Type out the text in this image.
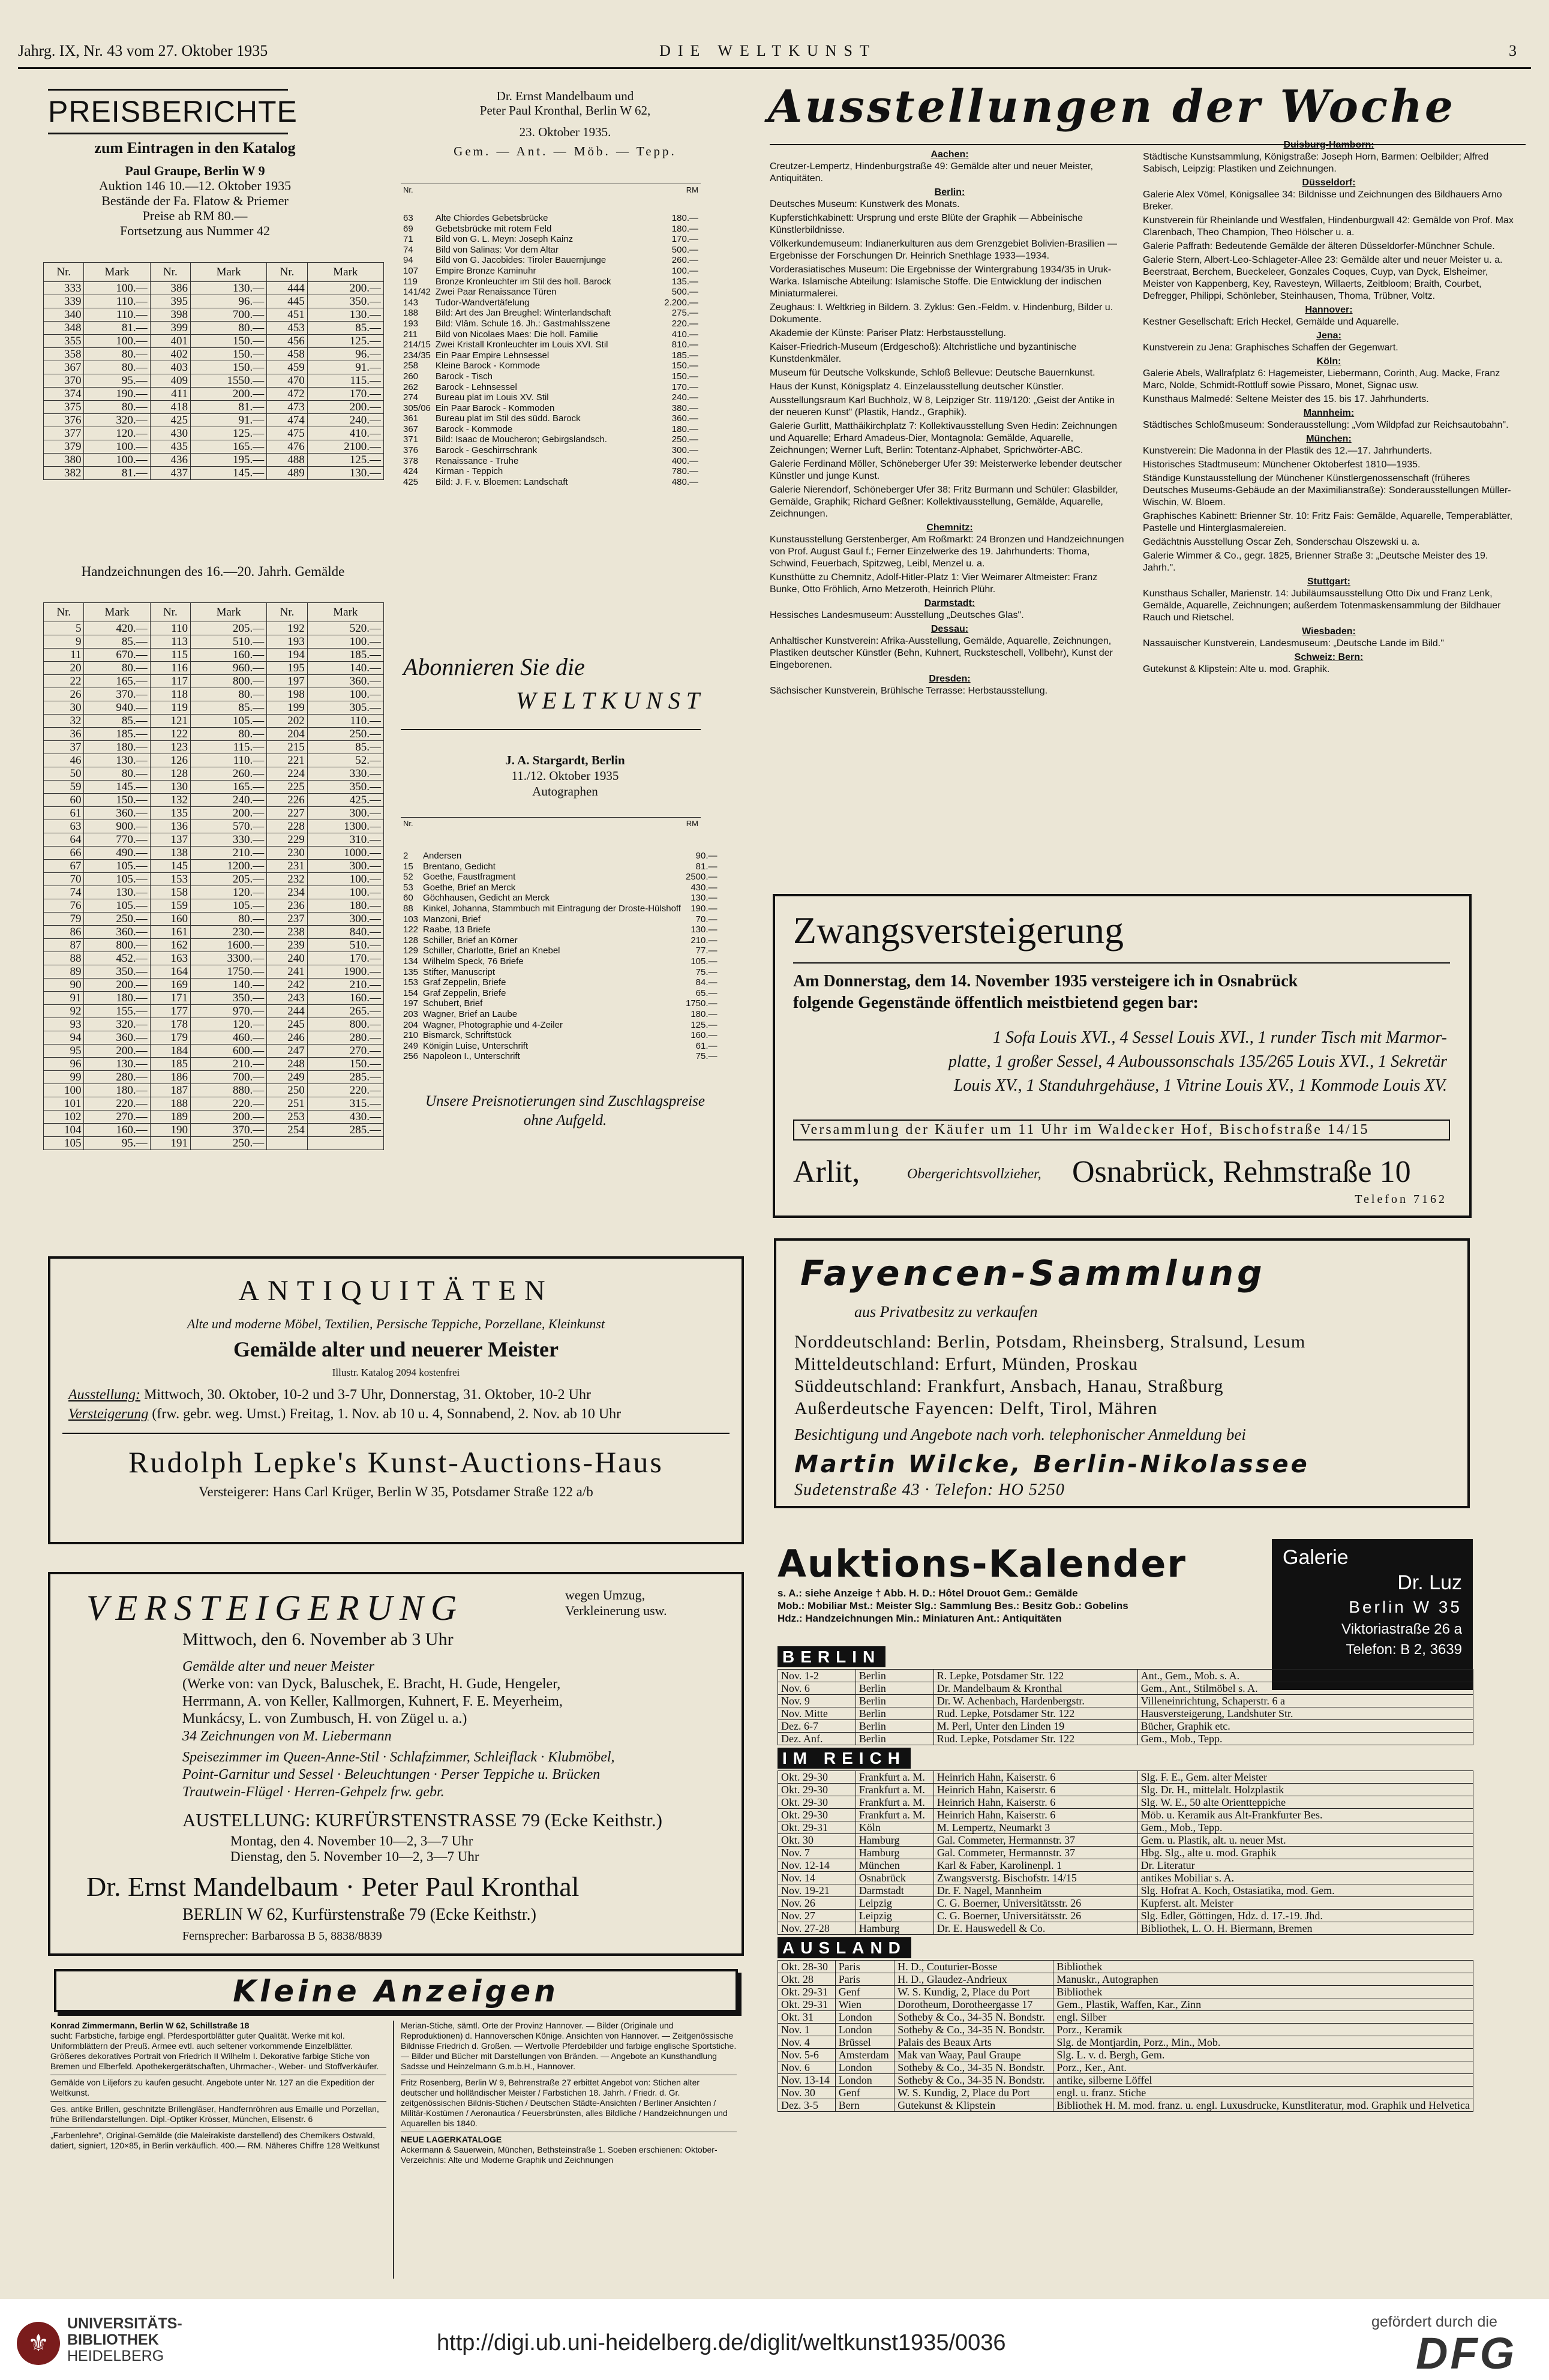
Jahrg. IX, Nr. 43 vom 27. Oktober 1935	DIE WELTKUNST	3
PREISBERICHTE
zum Eintragen in den Katalog
Paul Graupe, Berlin W 9
Auktion 146 10.—12. Oktober 1935
Bestände der Fa. Flatow & Priemer
Preise ab RM 80.—
Fortsetzung aus Nummer 42
Nr.	Mark	Nr.	Mark	Nr.	Mark
333	100.—	386	130.—	444	200.—
339	110.—	395	96.—	445	350.—
340	110.—	398	700.—	451	130.—
348	81.—	399	80.—	453	85.—
355	100.—	401	150.—	456	125.—
358	80.—	402	150.—	458	96.—
367	80.—	403	150.—	459	91.—
370	95.—	409	1550.—	470	115.—
374	190.—	411	200.—	472	170.—
375	80.—	418	81.—	473	200.—
376	320.—	425	91.—	474	240.—
377	120.—	430	125.—	475	410.—
379	100.—	435	165.—	476	2100.—
380	100.—	436	195.—	488	125.—
382	81.—	437	145.—	489	130.—
Handzeichnungen des 16.—20. Jahrh. Gemälde
Nr.	Mark	Nr.	Mark	Nr.	Mark
5	420.—	110	205.—	192	520.—
9	85.—	113	510.—	193	100.—
11	670.—	115	160.—	194	185.—
20	80.—	116	960.—	195	140.—
22	165.—	117	800.—	197	360.—
26	370.—	118	80.—	198	100.—
30	940.—	119	85.—	199	305.—
32	85.—	121	105.—	202	110.—
36	185.—	122	80.—	204	250.—
37	180.—	123	115.—	215	85.—
46	130.—	126	110.—	221	52.—
50	80.—	128	260.—	224	330.—
59	145.—	130	165.—	225	350.—
60	150.—	132	240.—	226	425.—
61	360.—	135	200.—	227	300.—
63	900.—	136	570.—	228	1300.—
64	770.—	137	330.—	229	310.—
66	490.—	138	210.—	230	1000.—
67	105.—	145	1200.—	231	300.—
70	105.—	153	205.—	232	100.—
74	130.—	158	120.—	234	100.—
76	105.—	159	105.—	236	180.—
79	250.—	160	80.—	237	300.—
86	360.—	161	230.—	238	840.—
87	800.—	162	1600.—	239	510.—
88	452.—	163	3300.—	240	170.—
89	350.—	164	1750.—	241	1900.—
90	200.—	169	140.—	242	210.—
91	180.—	171	350.—	243	160.—
92	155.—	177	970.—	244	265.—
93	320.—	178	120.—	245	800.—
94	360.—	179	460.—	246	280.—
95	200.—	184	600.—	247	270.—
96	130.—	185	210.—	248	150.—
99	280.—	186	700.—	249	285.—
100	180.—	187	880.—	250	220.—
101	220.—	188	220.—	251	315.—
102	270.—	189	200.—	253	430.—
104	160.—	190	370.—	254	285.—
105	95.—	191	250.—		
Dr. Ernst Mandelbaum und
Peter Paul Kronthal, Berlin W 62,
23. Oktober 1935.
Gem. — Ant. — Möb. — Tepp.
Nr.	RM
63	Alte Chiordes Gebetsbrücke	180.—
69	Gebetsbrücke mit rotem Feld	180.—
71	Bild von G. L. Meyn: Joseph Kainz	170.—
74	Bild von Salinas: Vor dem Altar	500.—
94	Bild von G. Jacobides: Tiroler Bauernjunge	260.—
107	Empire Bronze Kaminuhr	100.—
119	Bronze Kronleuchter im Stil des holl. Barock	135.—
141/42	Zwei Paar Renaissance Türen	500.—
143	Tudor-Wandvertäfelung	2.200.—
188	Bild: Art des Jan Breughel: Winterlandschaft	275.—
193	Bild: Vlām. Schule 16. Jh.: Gastmahlsszene	220.—
211	Bild von Nicolaes Maes: Die holl. Familie	410.—
214/15	Zwei Kristall Kronleuchter im Louis XVI. Stil	810.—
234/35	Ein Paar Empire Lehnsessel	185.—
258	Kleine Barock - Kommode	150.—
260	Barock - Tisch	150.—
262	Barock - Lehnsessel	170.—
274	Bureau plat im Louis XV. Stil	240.—
305/06	Ein Paar Barock - Kommoden	380.—
361	Bureau plat im Stil des südd. Barock	360.—
367	Barock - Kommode	180.—
371	Bild: Isaac de Moucheron; Gebirgslandsch.	250.—
376	Barock - Geschirrschrank	300.—
378	Renaissance - Truhe	400.—
424	Kirman - Teppich	780.—
425	Bild: J. F. v. Bloemen: Landschaft	480.—
Abonnieren Sie die
WELTKUNST
J. A. Stargardt, Berlin
11./12. Oktober 1935
Autographen
Nr.	RM
2	Andersen	90.—
15	Brentano, Gedicht	81.—
52	Goethe, Faustfragment	2500.—
53	Goethe, Brief an Merck	430.—
60	Göchhausen, Gedicht an Merck	130.—
88	Kinkel, Johanna, Stammbuch mit Eintragung der Droste-Hülshoff	190.—
103	Manzoni, Brief	70.—
122	Raabe, 13 Briefe	130.—
128	Schiller, Brief an Körner	210.—
129	Schiller, Charlotte, Brief an Knebel	77.—
134	Wilhelm Speck, 76 Briefe	105.—
135	Stifter, Manuscript	75.—
153	Graf Zeppelin, Briefe	84.—
154	Graf Zeppelin, Briefe	65.—
197	Schubert, Brief	1750.—
203	Wagner, Brief an Laube	180.—
204	Wagner, Photographie und 4-Zeiler	125.—
210	Bismarck, Schriftstück	160.—
249	Königin Luise, Unterschrift	61.—
256	Napoleon I., Unterschrift	75.—
Unsere Preisnotierungen sind Zuschlagspreise
ohne Aufgeld.
Ausstellungen der Woche
Aachen:

Creutzer-Lempertz, Hindenburgstraße 49: Gemälde alter und neuer Meister, Antiquitäten.

Berlin:

Deutsches Museum: Kunstwerk des Monats.

Kupferstichkabinett: Ursprung und erste Blüte der Graphik — Abbeinische Künstlerbildnisse.

Völkerkundemuseum: Indianerkulturen aus dem Grenzgebiet Bolivien-Brasilien — Ergebnisse der Forschungen Dr. Heinrich Snethlage 1933—1934.

Vorderasiatisches Museum: Die Ergebnisse der Wintergrabung 1934/35 in Uruk-Warka. Islamische Abteilung: Islamische Stoffe. Die Entwicklung der indischen Miniaturmalerei.

Zeughaus: I. Weltkrieg in Bildern. 3. Zyklus: Gen.-Feldm. v. Hindenburg, Bilder u. Dokumente.

Akademie der Künste: Pariser Platz: Herbstausstellung.

Kaiser-Friedrich-Museum (Erdgeschoß): Altchristliche und byzantinische Kunstdenkmäler.

Museum für Deutsche Volkskunde, Schloß Bellevue: Deutsche Bauernkunst.

Haus der Kunst, Königsplatz 4. Einzelausstellung deutscher Künstler.

Ausstellungsraum Karl Buchholz, W 8, Leipziger Str. 119/120: „Geist der Antike in der neueren Kunst" (Plastik, Handz., Graphik).

Galerie Gurlitt, Matthäikirchplatz 7: Kollektivausstellung Sven Hedin: Zeichnungen und Aquarelle; Erhard Amadeus-Dier, Montagnola: Gemälde, Aquarelle, Zeichnungen; Werner Luft, Berlin: Totentanz-Alphabet, Sprichwörter-ABC.

Galerie Ferdinand Möller, Schöneberger Ufer 39: Meisterwerke lebender deutscher Künstler und junge Kunst.

Galerie Nierendorf, Schöneberger Ufer 38: Fritz Burmann und Schüler: Glasbilder, Gemälde, Graphik; Richard Geßner: Kollektivausstellung, Gemälde, Aquarelle, Zeichnungen.

Chemnitz:

Kunstausstellung Gerstenberger, Am Roßmarkt: 24 Bronzen und Handzeichnungen von Prof. August Gaul f.; Ferner Einzelwerke des 19. Jahrhunderts: Thoma, Schwind, Feuerbach, Spitzweg, Leibl, Menzel u. a.

Kunsthütte zu Chemnitz, Adolf-Hitler-Platz 1: Vier Weimarer Altmeister: Franz Bunke, Otto Fröhlich, Arno Metzeroth, Heinrich Plühr.

Darmstadt:

Hessisches Landesmuseum: Ausstellung „Deutsches Glas".

Dessau:

Anhaltischer Kunstverein: Afrika-Ausstellung, Gemälde, Aquarelle, Zeichnungen, Plastiken deutscher Künstler (Behn, Kuhnert, Rucksteschell, Vollbehr), Kunst der Eingeborenen.

Dresden:

Sächsischer Kunstverein, Brühlsche Terrasse: Herbstausstellung.

Duisburg-Hamborn:

Städtische Kunstsammlung, Königstraße: Joseph Horn, Barmen: Oelbilder; Alfred Sabisch, Leipzig: Plastiken und Zeichnungen.

Düsseldorf:

Galerie Alex Vömel, Königsallee 34: Bildnisse und Zeichnungen des Bildhauers Arno Breker.

Kunstverein für Rheinlande und Westfalen, Hindenburgwall 42: Gemälde von Prof. Max Clarenbach, Theo Champion, Theo Hölscher u. a.

Galerie Paffrath: Bedeutende Gemälde der älteren Düsseldorfer-Münchner Schule.

Galerie Stern, Albert-Leo-Schlageter-Allee 23: Gemälde alter und neuer Meister u. a. Beerstraat, Berchem, Bueckeleer, Gonzales Coques, Cuyp, van Dyck, Elsheimer, Meister von Kappenberg, Key, Ravesteyn, Willaerts, Zeitbloom; Braith, Courbet, Defregger, Philippi, Schönleber, Steinhausen, Thoma, Trübner, Voltz.

Hannover:

Kestner Gesellschaft: Erich Heckel, Gemälde und Aquarelle.

Jena:

Kunstverein zu Jena: Graphisches Schaffen der Gegenwart.

Köln:

Galerie Abels, Wallrafplatz 6: Hagemeister, Liebermann, Corinth, Aug. Macke, Franz Marc, Nolde, Schmidt-Rottluff sowie Pissaro, Monet, Signac usw.

Kunsthaus Malmedé: Seltene Meister des 15. bis 17. Jahrhunderts.

Mannheim:

Städtisches Schloßmuseum: Sonderausstellung: „Vom Wildpfad zur Reichsautobahn".

München:

Kunstverein: Die Madonna in der Plastik des 12.—17. Jahrhunderts.

Historisches Stadtmuseum: Münchener Oktoberfest 1810—1935.

Ständige Kunstausstellung der Münchener Künstlergenossenschaft (früheres Deutsches Museums-Gebäude an der Maximilianstraße): Sonderausstellungen Müller-Wischin, W. Bloem.

Graphisches Kabinett: Brienner Str. 10: Fritz Fais: Gemälde, Aquarelle, Temperablätter, Pastelle und Hinterglasmalereien.

Gedächtnis Ausstellung Oscar Zeh, Sonderschau Olszewski u. a.

Galerie Wimmer & Co., gegr. 1825, Brienner Straße 3: „Deutsche Meister des 19. Jahrh.".

Stuttgart:

Kunsthaus Schaller, Marienstr. 14: Jubiläumsausstellung Otto Dix und Franz Lenk, Gemälde, Aquarelle, Zeichnungen; außerdem Totenmaskensammlung der Bildhauer Rauch und Rietschel.

Wiesbaden:

Nassauischer Kunstverein, Landesmuseum: „Deutsche Lande im Bild."

Schweiz: Bern:

Gutekunst & Klipstein: Alte u. mod. Graphik.

Zwangsversteigerung
Am Donnerstag, dem 14. November 1935 versteigere ich in Osnabrück
folgende Gegenstände öffentlich meistbietend gegen bar:
1 Sofa Louis XVI., 4 Sessel Louis XVI., 1 runder Tisch mit Marmor-
platte, 1 großer Sessel, 4 Auboussonschals 135/265 Louis XVI., 1 Sekretär
Louis XV., 1 Standuhrgehäuse, 1 Vitrine Louis XV., 1 Kommode Louis XV.
Versammlung der Käufer um 11 Uhr im Waldecker Hof, Bischofstraße 14/15
Arlit,	Obergerichtsvollzieher, Osnabrück, Rehmstraße 10
Telefon 7162
Fayencen-Sammlung
aus Privatbesitz zu verkaufen
Norddeutschland: Berlin, Potsdam, Rheinsberg, Stralsund, Lesum
Mitteldeutschland: Erfurt, Münden, Proskau
Süddeutschland: Frankfurt, Ansbach, Hanau, Straßburg
Außerdeutsche Fayencen: Delft, Tirol, Mähren
Besichtigung und Angebote nach vorh. telephonischer Anmeldung bei
Martin Wilcke, Berlin-Nikolassee
Sudetenstraße 43 · Telefon: HO 5250
ANTIQUITÄTEN
Alte und moderne Möbel, Textilien, Persische Teppiche, Porzellane, Kleinkunst
Gemälde alter und neuerer Meister
Illustr. Katalog 2094 kostenfrei
Ausstellung: Mittwoch, 30. Oktober, 10-2 und 3-7 Uhr, Donnerstag, 31. Oktober, 10-2 Uhr
Versteigerung (frw. gebr. weg. Umst.) Freitag, 1. Nov. ab 10 u. 4, Sonnabend, 2. Nov. ab 10 Uhr
Rudolph Lepke's Kunst-Auctions-Haus
Versteigerer: Hans Carl Krüger, Berlin W 35, Potsdamer Straße 122 a/b
VERSTEIGERUNG	wegen Umzug,
Verkleinerung usw.
Mittwoch, den 6. November ab 3 Uhr
Gemälde alter und neuer Meister
(Werke von: van Dyck, Baluschek, E. Bracht, H. Gude, Hengeler,
Herrmann, A. von Keller, Kallmorgen, Kuhnert, F. E. Meyerheim,
Munkácsy, L. von Zumbusch, H. von Zügel u. a.)
34 Zeichnungen von M. Liebermann
Speisezimmer im Queen-Anne-Stil · Schlafzimmer, Schleiflack · Klubmöbel,
Point-Garnitur und Sessel · Beleuchtungen · Perser Teppiche u. Brücken
Trautwein-Flügel · Herren-Gehpelz frw. gebr.
AUSTELLUNG: KURFÜRSTENSTRASSE 79 (Ecke Keithstr.)
Montag, den 4. November 10—2, 3—7 Uhr
Dienstag, den 5. November 10—2, 3—7 Uhr
Dr. Ernst Mandelbaum · Peter Paul Kronthal
BERLIN W 62, Kurfürstenstraße 79 (Ecke Keithstr.)
Fernsprecher: Barbarossa B 5, 8838/8839
Kleine Anzeigen
Konrad Zimmermann, Berlin W 62, Schillstraße 18
sucht: Farbstiche, farbige engl. Pferdesportblätter guter Qualität. Werke mit kol. Uniformblättern der Preuß. Armee evtl. auch seltener vorkommende Einzelblätter. Größeres dekoratives Portrait von Friedrich II Wilhelm I. Dekorative farbige Stiche von Bremen und Elberfeld. Apothekergerätschaften, Uhrmacher-, Weber- und Stoffverkäufer.
Gemälde von Liljefors zu kaufen gesucht. Angebote unter Nr. 127 an die Expedition der Weltkunst.
Ges. antike Brillen, geschnitzte Brillengläser, Handfernröhren aus Emaille und Porzellan, frühe Brillendarstellungen. Dipl.-Optiker Krösser, München, Elisenstr. 6
„Farbenlehre", Original-Gemälde (die Maleirakiste darstellend) des Chemikers Ostwald, datiert, signiert, 120×85, in Berlin verkäuflich. 400.— RM. Näheres Chiffre 128 Weltkunst
Merian-Stiche, sämtl. Orte der Provinz Hannover. — Bilder (Originale und Reproduktionen) d. Hannoverschen Könige. Ansichten von Hannover. — Zeitgenössische Bildnisse Friedrich d. Großen. — Wertvolle Pferdebilder und farbige englische Sportstiche. — Bilder und Bücher mit Darstellungen von Bränden. — Angebote an Kunsthandlung Sadsse und Heinzelmann G.m.b.H., Hannover.
Fritz Rosenberg, Berlin W 9, Behrenstraße 27 erbittet Angebot von: Stichen alter deutscher und holländischer Meister / Farbstichen 18. Jahrh. / Friedr. d. Gr. zeitgenössischen Bildnis-Stichen / Deutschen Städte-Ansichten / Berliner Ansichten / Militär-Kostümen / Aeronautica / Feuersbrünsten, alles Bildliche / Handzeichnungen und Aquarellen bis 1840.
NEUE LAGERKATALOGE
Ackermann & Sauerwein, München, Bethsteinstraße 1. Soeben erschienen: Oktober-Verzeichnis: Alte und Moderne Graphik und Zeichnungen
Auktions-Kalender
s. A.: siehe Anzeige † Abb. H. D.: Hôtel Drouot Gem.: Gemälde
Mob.: Mobiliar Mst.: Meister Slg.: Sammlung Bes.: Besitz Gob.: Gobelins
Hdz.: Handzeichnungen Min.: Miniaturen Ant.: Antiquitäten
Galerie
Dr. Luz
Berlin W 35
Viktoriastraße 26 a
Telefon: B 2, 3639
BERLIN
Nov. 1-2	Berlin	R. Lepke, Potsdamer Str. 122	Ant., Gem., Mob. s. A.
Nov. 6	Berlin	Dr. Mandelbaum & Kronthal	Gem., Ant., Stilmöbel s. A.
Nov. 9	Berlin	Dr. W. Achenbach, Hardenbergstr.	Villeneinrichtung, Schaperstr. 6 a
Nov. Mitte	Berlin	Rud. Lepke, Potsdamer Str. 122	Hausversteigerung, Landshuter Str.
Dez. 6-7	Berlin	M. Perl, Unter den Linden 19	Bücher, Graphik etc.
Dez. Anf.	Berlin	Rud. Lepke, Potsdamer Str. 122	Gem., Mob., Tepp.
IM REICH
Okt. 29-30	Frankfurt a. M.	Heinrich Hahn, Kaiserstr. 6	Slg. F. E., Gem. alter Meister
Okt. 29-30	Frankfurt a. M.	Heinrich Hahn, Kaiserstr. 6	Slg. Dr. H., mittelalt. Holzplastik
Okt. 29-30	Frankfurt a. M.	Heinrich Hahn, Kaiserstr. 6	Slg. W. E., 50 alte Orientteppiche
Okt. 29-30	Frankfurt a. M.	Heinrich Hahn, Kaiserstr. 6	Möb. u. Keramik aus Alt-Frankfurter Bes.
Okt. 29-31	Köln	M. Lempertz, Neumarkt 3	Gem., Mob., Tepp.
Okt. 30	Hamburg	Gal. Commeter, Hermannstr. 37	Gem. u. Plastik, alt. u. neuer Mst.
Nov. 7	Hamburg	Gal. Commeter, Hermannstr. 37	Hbg. Slg., alte u. mod. Graphik
Nov. 12-14	München	Karl & Faber, Karolinenpl. 1	Dr. Literatur
Nov. 14	Osnabrück	Zwangsverstg. Bischofstr. 14/15	antikes Mobiliar s. A.
Nov. 19-21	Darmstadt	Dr. F. Nagel, Mannheim	Slg. Hofrat A. Koch, Ostasiatika, mod. Gem.
Nov. 26	Leipzig	C. G. Boerner, Universitätsstr. 26	Kupferst. alt. Meister
Nov. 27	Leipzig	C. G. Boerner, Universitätsstr. 26	Slg. Edler, Göttingen, Hdz. d. 17.-19. Jhd.
Nov. 27-28	Hamburg	Dr. E. Hauswedell & Co.	Bibliothek, L. O. H. Biermann, Bremen
AUSLAND
Okt. 28-30	Paris	H. D., Couturier-Bosse	Bibliothek
Okt. 28	Paris	H. D., Glaudez-Andrieux	Manuskr., Autographen
Okt. 29-31	Genf	W. S. Kundig, 2, Place du Port	Bibliothek
Okt. 29-31	Wien	Dorotheum, Dorotheergasse 17	Gem., Plastik, Waffen, Kar., Zinn
Okt. 31	London	Sotheby & Co., 34-35 N. Bondstr.	engl. Silber
Nov. 1	London	Sotheby & Co., 34-35 N. Bondstr.	Porz., Keramik
Nov. 4	Brüssel	Palais des Beaux Arts	Slg. de Montjardin, Porz., Min., Mob.
Nov. 5-6	Amsterdam	Mak van Waay, Paul Graupe	Slg. L. v. d. Bergh, Gem.
Nov. 6	London	Sotheby & Co., 34-35 N. Bondstr.	Porz., Ker., Ant.
Nov. 13-14	London	Sotheby & Co., 34-35 N. Bondstr.	antike, silberne Löffel
Nov. 30	Genf	W. S. Kundig, 2, Place du Port	engl. u. franz. Stiche
Dez. 3-5	Bern	Gutekunst & Klipstein	Bibliothek H. M. mod. franz. u. engl. Luxusdrucke, Kunstliteratur, mod. Graphik und Helvetica
⚜
UNIVERSITÄTS-
BIBLIOTHEK
HEIDELBERG
http://digi.ub.uni-heidelberg.de/diglit/weltkunst1935/0036
gefördert durch die
DFG
